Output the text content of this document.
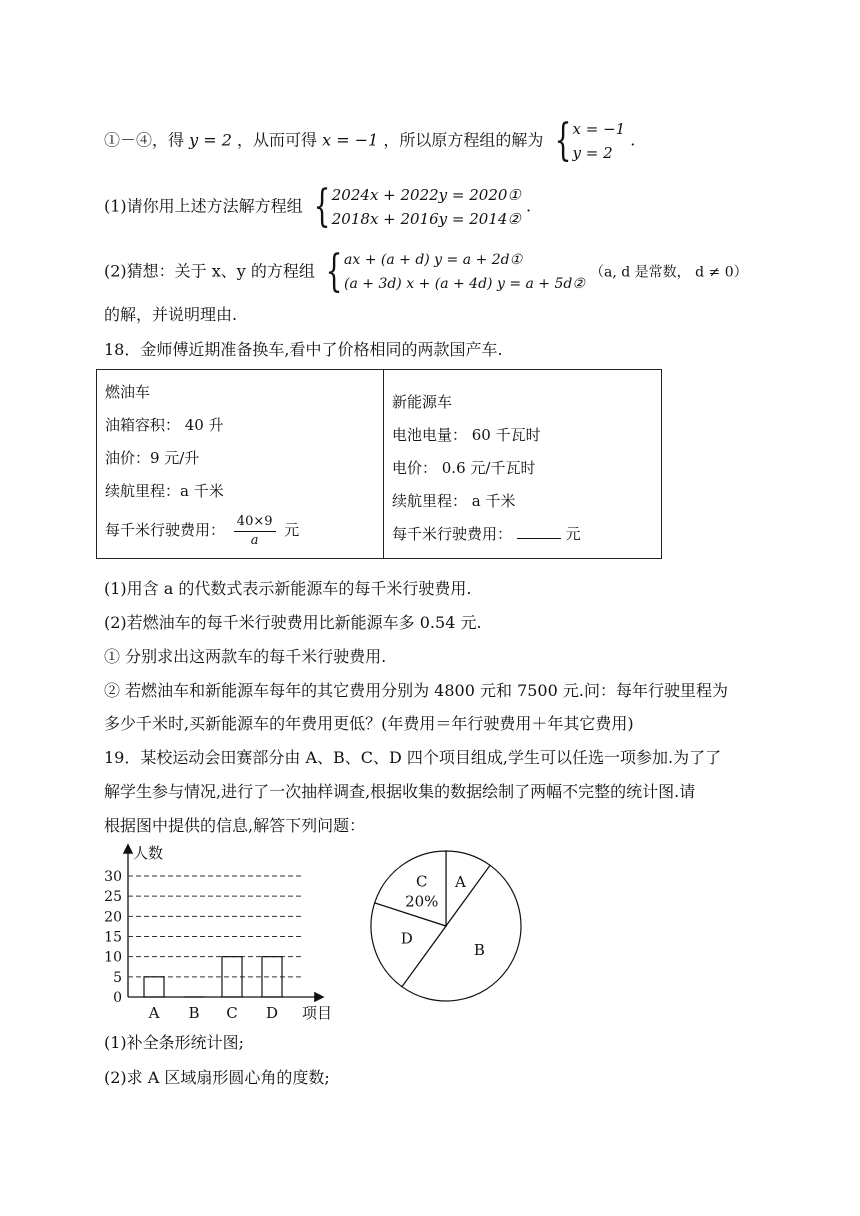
①－④，得 y = 2 ，从而可得 x = −1 ，所以原方程组的解为 { x = −1
y = 2
.
(1)请你用上述方法解方程组 { 2024x + 2022y = 2020①
2018x + 2016y = 2014②
.
(2)猜想：关于 x、y 的方程组 { ax + (a + d) y = a + 2d①
(a + 3d) x + (a + 4d) y = a + 5d②
（a, d 是常数， d ≠ 0）
的解，并说明理由.
18．金师傅近期准备换车,看中了价格相同的两款国产车.
燃油车
油箱容积： 40 升
油价：9 元/升
续航里程：a 千米
每千米行驶费用： $\frac{40\times 9}{a}$ 元

新能源车
电池电量： 60 千瓦时
电价： 0.6 元/千瓦时
续航里程： a 千米
每千米行驶费用：	元
(1)用含 a 的代数式表示新能源车的每千米行驶费用.
(2)若燃油车的每千米行驶费用比新能源车多 0.54 元.
① 分别求出这两款车的每千米行驶费用.
② 若燃油车和新能源车每年的其它费用分别为 4800 元和 7500 元.问：每年行驶里程为
多少千米时,买新能源车的年费用更低？(年费用＝年行驶费用＋年其它费用)
19．某校运动会田赛部分由 A、B、C、D 四个项目组成,学生可以任选一项参加.为了了
解学生参与情况,进行了一次抽样调查,根据收集的数据绘制了两幅不完整的统计图.请
根据图中提供的信息,解答下列问题：
人数
项目
0
5
10
15
20
25
30
A B C D
A
B
D
C
20%
(1)补全条形统计图;
(2)求 A 区域扇形圆心角的度数;
